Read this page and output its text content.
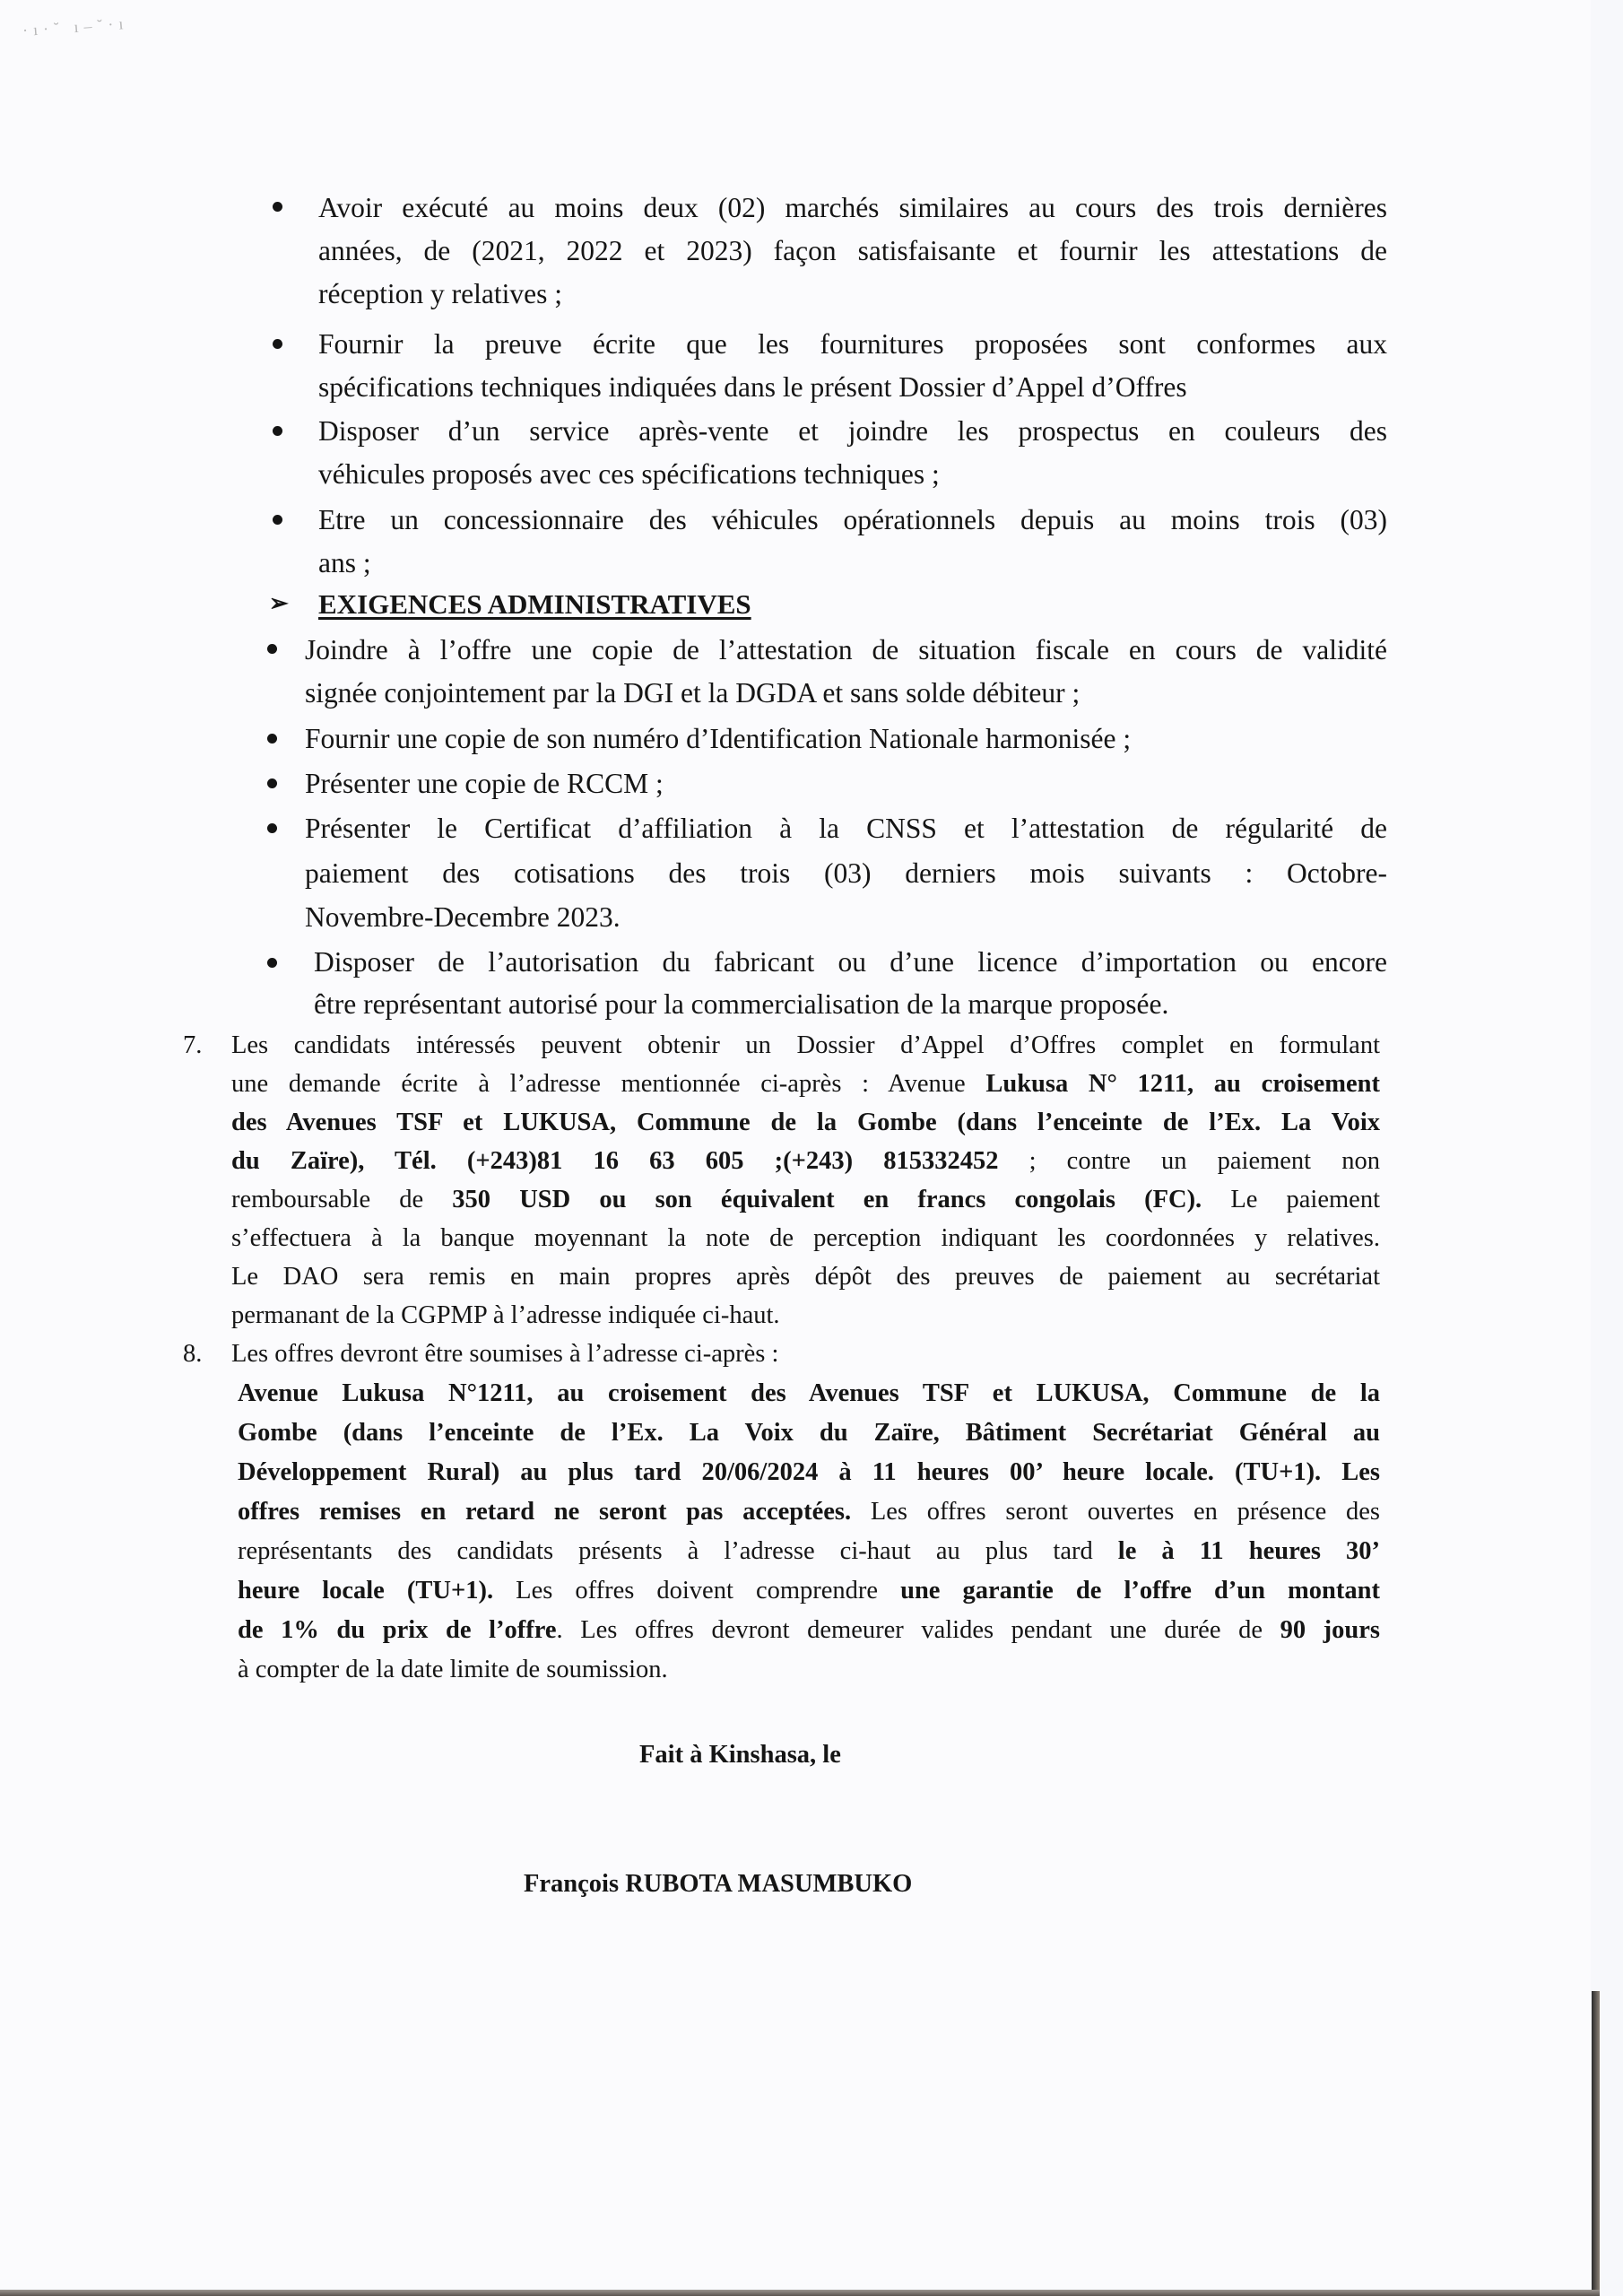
·ı·˘ ı–˘·ı
Avoir exécuté au moins deux (02) marchés similaires au cours des trois dernières
années, de (2021, 2022 et 2023) façon satisfaisante et fournir les attestations de
réception y relatives ;
Fournir la preuve écrite que les fournitures proposées sont conformes aux
spécifications techniques indiquées dans le présent Dossier d’Appel d’Offres
Disposer d’un service après-vente et joindre les prospectus en couleurs des
véhicules proposés avec ces spécifications techniques ;
Etre un concessionnaire des véhicules opérationnels depuis au moins trois (03)
ans ;
➢ EXIGENCES ADMINISTRATIVES
Joindre à l’offre une copie de l’attestation de situation fiscale en cours de validité
signée conjointement par la DGI et la DGDA et sans solde débiteur ;
Fournir une copie de son numéro d’Identification Nationale harmonisée ;
Présenter une copie de RCCM ;
Présenter le Certificat d’affiliation à la CNSS et l’attestation de régularité de
paiement des cotisations des trois (03) derniers mois suivants : Octobre-
Novembre-Decembre 2023.
Disposer de l’autorisation du fabricant ou d’une licence d’importation ou encore
être représentant autorisé pour la commercialisation de la marque proposée.
7. Les candidats intéressés peuvent obtenir un Dossier d’Appel d’Offres complet en formulant
une demande écrite à l’adresse mentionnée ci-après : Avenue Lukusa N° 1211, au croisement
des Avenues TSF et LUKUSA, Commune de la Gombe (dans l’enceinte de l’Ex. La Voix
du Zaïre), Tél. (+243)81 16 63 605 ;(+243) 815332452 ; contre un paiement non
remboursable de 350 USD ou son équivalent en francs congolais (FC). Le paiement
s’effectuera à la banque moyennant la note de perception indiquant les coordonnées y relatives.
Le DAO sera remis en main propres après dépôt des preuves de paiement au secrétariat
permanant de la CGPMP à l’adresse indiquée ci-haut.
8. Les offres devront être soumises à l’adresse ci-après :
Avenue Lukusa N°1211, au croisement des Avenues TSF et LUKUSA, Commune de la
Gombe (dans l’enceinte de l’Ex. La Voix du Zaïre, Bâtiment Secrétariat Général au
Développement Rural) au plus tard 20/06/2024 à 11 heures 00’ heure locale. (TU+1). Les
offres remises en retard ne seront pas acceptées. Les offres seront ouvertes en présence des
représentants des candidats présents à l’adresse ci-haut au plus tard le à 11 heures 30’
heure locale (TU+1). Les offres doivent comprendre une garantie de l’offre d’un montant
de 1% du prix de l’offre. Les offres devront demeurer valides pendant une durée de 90 jours
à compter de la date limite de soumission.
Fait à Kinshasa, le
François RUBOTA MASUMBUKO
